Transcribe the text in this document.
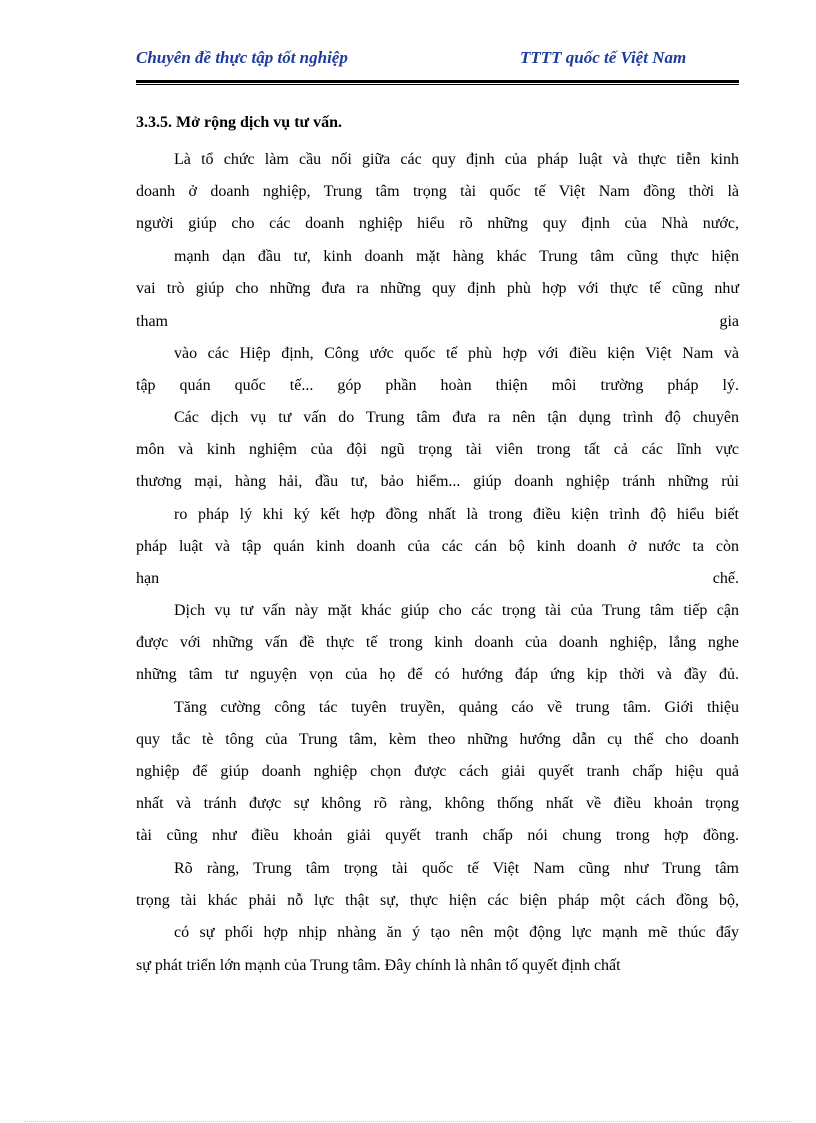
Chuyên đề thực tập tốt nghiệp	TTTT quốc tế Việt Nam
3.3.5. Mở rộng dịch vụ tư vấn.
Là tổ chức làm cầu nối giữa các quy định của pháp luật và thực tiễn kinh
doanh ở doanh nghiệp, Trung tâm trọng tài quốc tế Việt Nam đồng thời là
người giúp cho các doanh nghiệp hiểu rõ những quy định của Nhà nước,
mạnh dạn đầu tư, kinh doanh mặt hàng khác Trung tâm cũng thực hiện
vai trò giúp cho những đưa ra những quy định phù hợp với thực tế cũng như
tham	gia
vào các Hiệp định, Công ước quốc tế phù hợp với điều kiện Việt Nam và
tập quán quốc tế... góp phần hoàn thiện môi trường pháp lý.
Các dịch vụ tư vấn do Trung tâm đưa ra nên tận dụng trình độ chuyên
môn và kinh nghiệm của đội ngũ trọng tài viên trong tất cả các lĩnh vực
thương mại, hàng hải, đầu tư, bảo hiểm... giúp doanh nghiệp tránh những rủi
ro pháp lý khi ký kết hợp đồng nhất là trong điều kiện trình độ hiểu biết
pháp luật và tập quán kinh doanh của các cán bộ kinh doanh ở nước ta còn
hạn	chế.
Dịch vụ tư vấn này mặt khác giúp cho các trọng tài của Trung tâm tiếp cận
được với những vấn đề thực tế trong kinh doanh của doanh nghiệp, lắng nghe
những tâm tư nguyện vọn của họ để có hướng đáp ứng kịp thời và đầy đủ.
Tăng cường công tác tuyên truyền, quảng cáo về trung tâm. Giới thiệu
quy tắc tè tông của Trung tâm, kèm theo những hướng dẫn cụ thể cho doanh
nghiệp để giúp doanh nghiệp chọn được cách giải quyết tranh chấp hiệu quả
nhất và tránh được sự không rõ ràng, không thống nhất về điều khoản trọng
tài cũng như điều khoản giải quyết tranh chấp nói chung trong hợp đồng.
Rõ ràng, Trung tâm trọng tài quốc tế Việt Nam cũng như Trung tâm
trọng tài khác phải nỗ lực thật sự, thực hiện các biện pháp một cách đồng bộ,
có sự phối hợp nhịp nhàng ăn ý tạo nên một động lực mạnh mẽ thúc đẩy
sự phát triển lớn mạnh của Trung tâm. Đây chính là nhân tố quyết định chất
